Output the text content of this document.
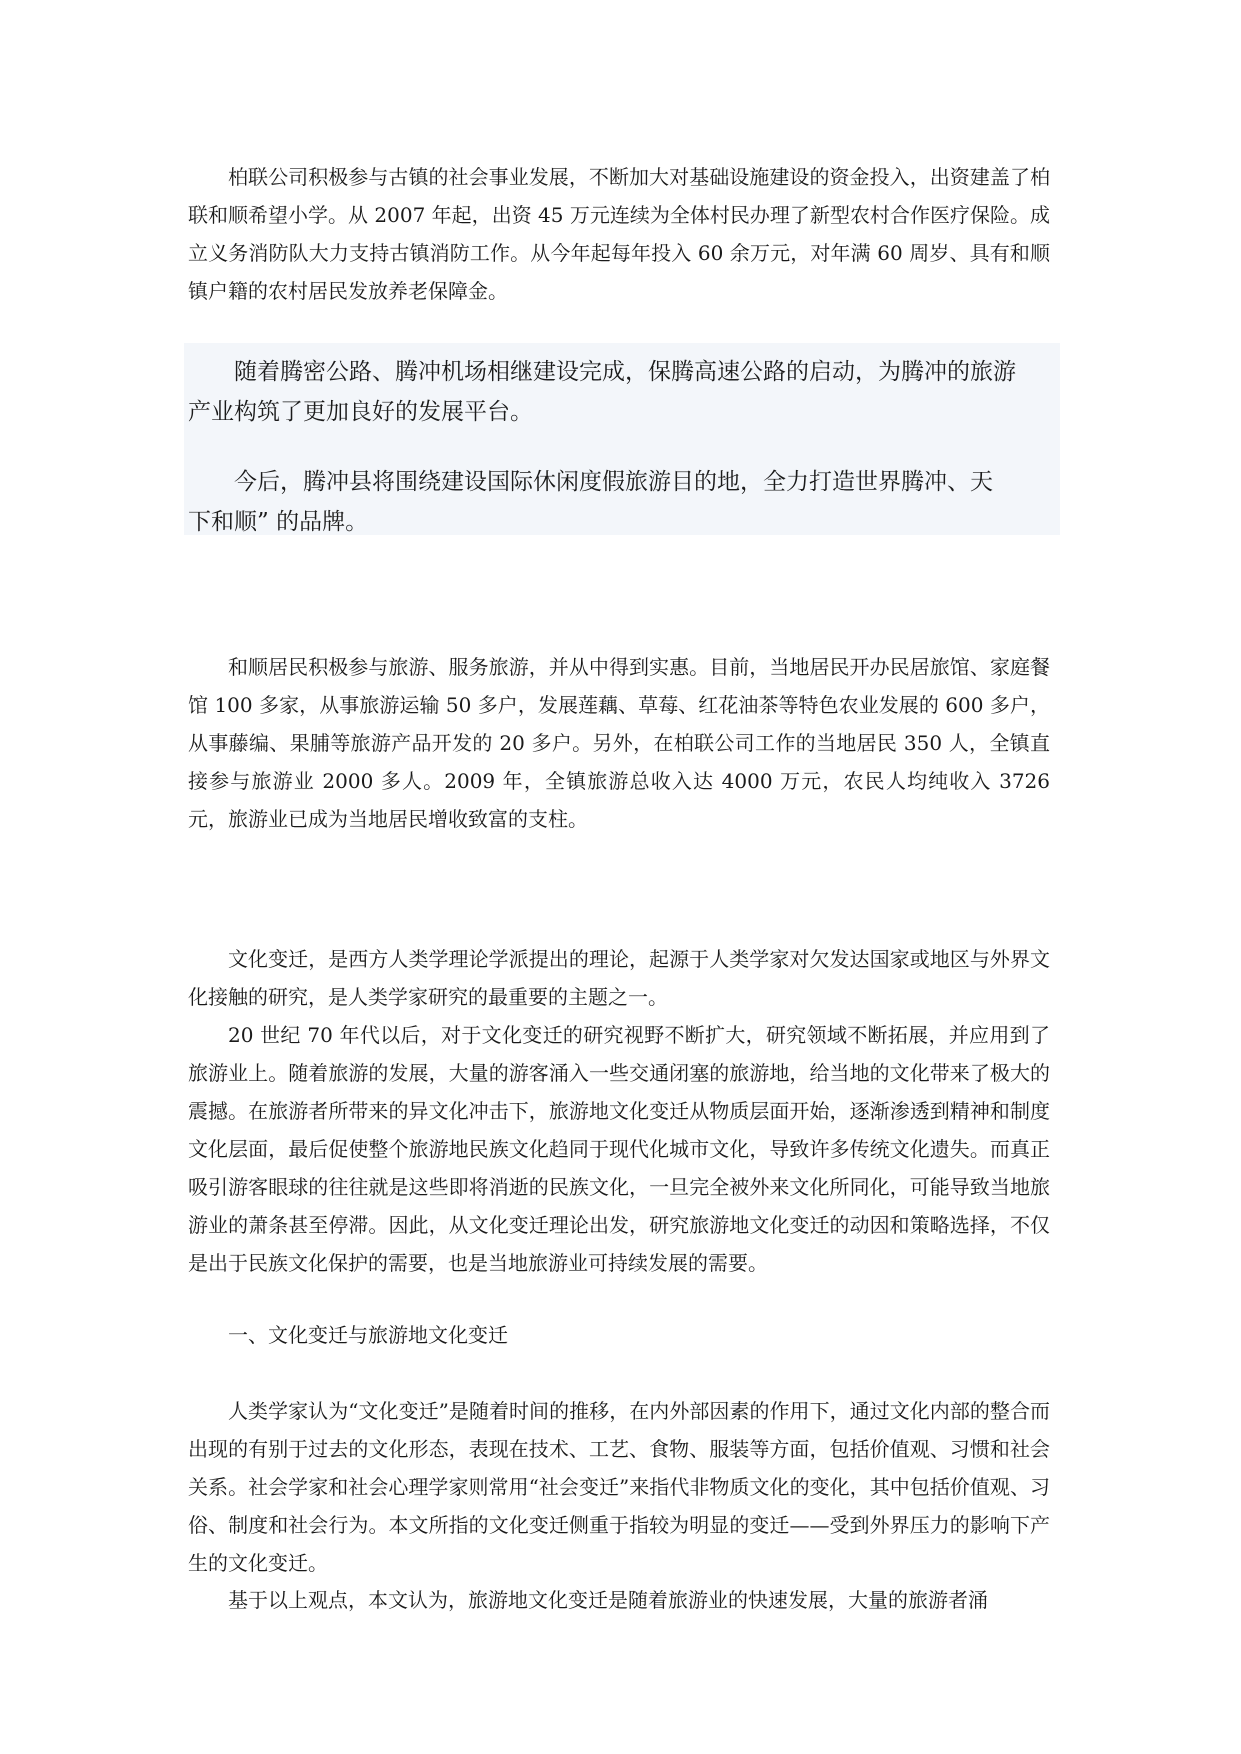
柏联公司积极参与古镇的社会事业发展，不断加大对基础设施建设的资金投入，出资建盖了柏联和顺希望小学。从 2007 年起，出资 45 万元连续为全体村民办理了新型农村合作医疗保险。成立义务消防队大力支持古镇消防工作。从今年起每年投入 60 余万元，对年满 60 周岁、具有和顺镇户籍的农村居民发放养老保障金。

随着腾密公路、腾冲机场相继建设完成，保腾高速公路的启动，为腾冲的旅游
产业构筑了更加良好的发展平台。

今后，腾冲县将围绕建设国际休闲度假旅游目的地，全力打造世界腾冲、天
下和顺” 的品牌。

和顺居民积极参与旅游、服务旅游，并从中得到实惠。目前，当地居民开办民居旅馆、家庭餐馆 100 多家，从事旅游运输 50 多户，发展莲藕、草莓、红花油茶等特色农业发展的 600 多户，从事藤编、果脯等旅游产品开发的 20 多户。另外，在柏联公司工作的当地居民 350 人，全镇直接参与旅游业 2000 多人。2009 年，全镇旅游总收入达 4000 万元，农民人均纯收入 3726 元，旅游业已成为当地居民增收致富的支柱。

文化变迁，是西方人类学理论学派提出的理论，起源于人类学家对欠发达国家或地区与外界文化接触的研究，是人类学家研究的最重要的主题之一。

20 世纪 70 年代以后，对于文化变迁的研究视野不断扩大，研究领域不断拓展，并应用到了旅游业上。随着旅游的发展，大量的游客涌入一些交通闭塞的旅游地，给当地的文化带来了极大的震撼。在旅游者所带来的异文化冲击下，旅游地文化变迁从物质层面开始，逐渐渗透到精神和制度文化层面，最后促使整个旅游地民族文化趋同于现代化城市文化，导致许多传统文化遗失。而真正吸引游客眼球的往往就是这些即将消逝的民族文化，一旦完全被外来文化所同化，可能导致当地旅游业的萧条甚至停滞。因此，从文化变迁理论出发，研究旅游地文化变迁的动因和策略选择，不仅是出于民族文化保护的需要，也是当地旅游业可持续发展的需要。

一、文化变迁与旅游地文化变迁

人类学家认为“文化变迁”是随着时间的推移，在内外部因素的作用下，通过文化内部的整合而出现的有别于过去的文化形态，表现在技术、工艺、食物、服装等方面，包括价值观、习惯和社会关系。社会学家和社会心理学家则常用“社会变迁”来指代非物质文化的变化，其中包括价值观、习俗、制度和社会行为。本文所指的文化变迁侧重于指较为明显的变迁——受到外界压力的影响下产生的文化变迁。

基于以上观点，本文认为，旅游地文化变迁是随着旅游业的快速发展，大量的旅游者涌
